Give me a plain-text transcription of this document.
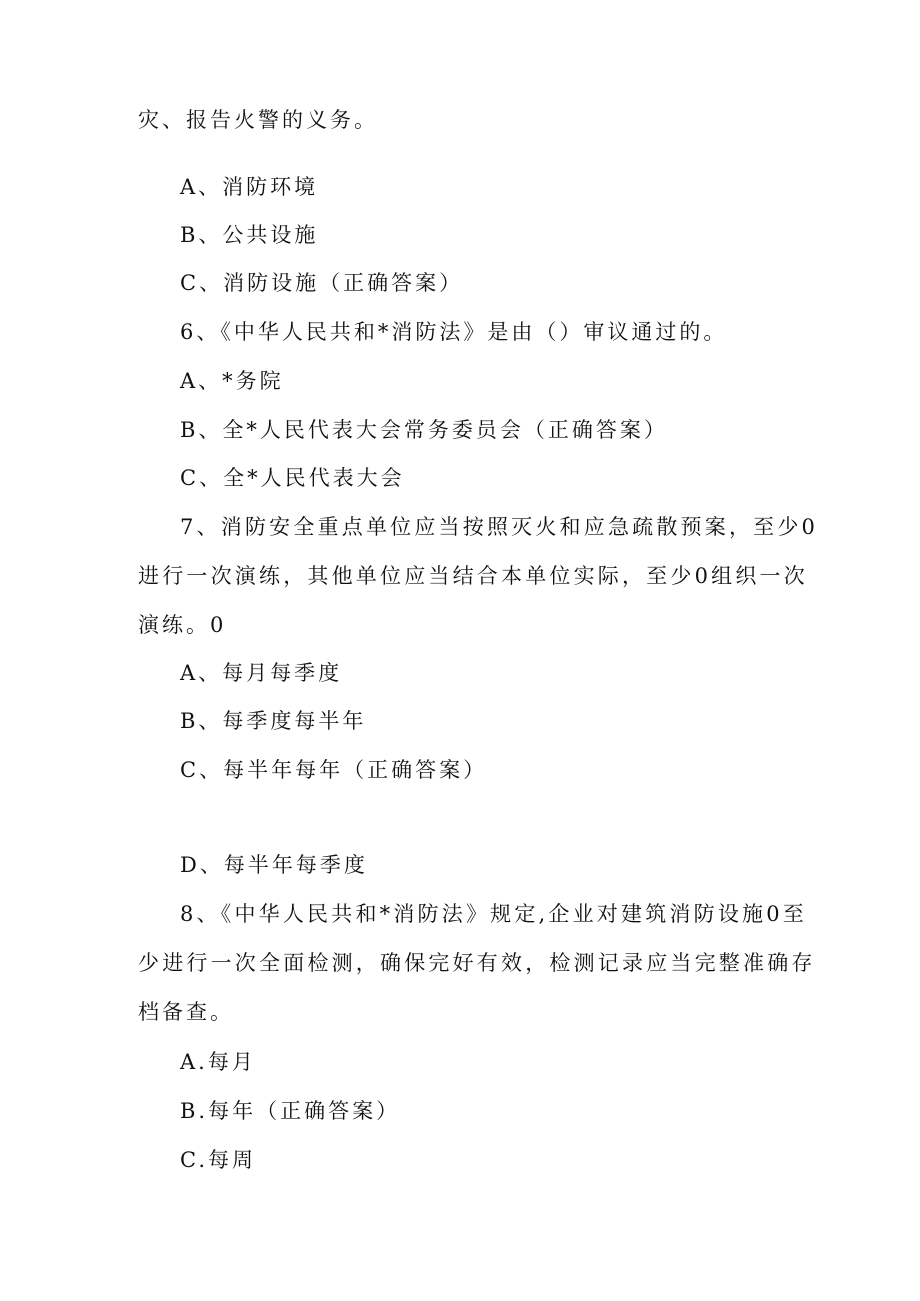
灾、报告火警的义务。
A、消防环境
B、公共设施
C、消防设施（正确答案）
6、《中华人民共和*消防法》是由（）审议通过的。
A、*务院
B、全*人民代表大会常务委员会（正确答案）
C、全*人民代表大会
7、消防安全重点单位应当按照灭火和应急疏散预案，至少0
进行一次演练，其他单位应当结合本单位实际，至少0组织一次
演练。0
A、每月每季度
B、每季度每半年
C、每半年每年（正确答案）
D、每半年每季度
8、《中华人民共和*消防法》规定,企业对建筑消防设施0至
少进行一次全面检测，确保完好有效，检测记录应当完整准确存
档备查。
A.每月
B.每年（正确答案）
C.每周
